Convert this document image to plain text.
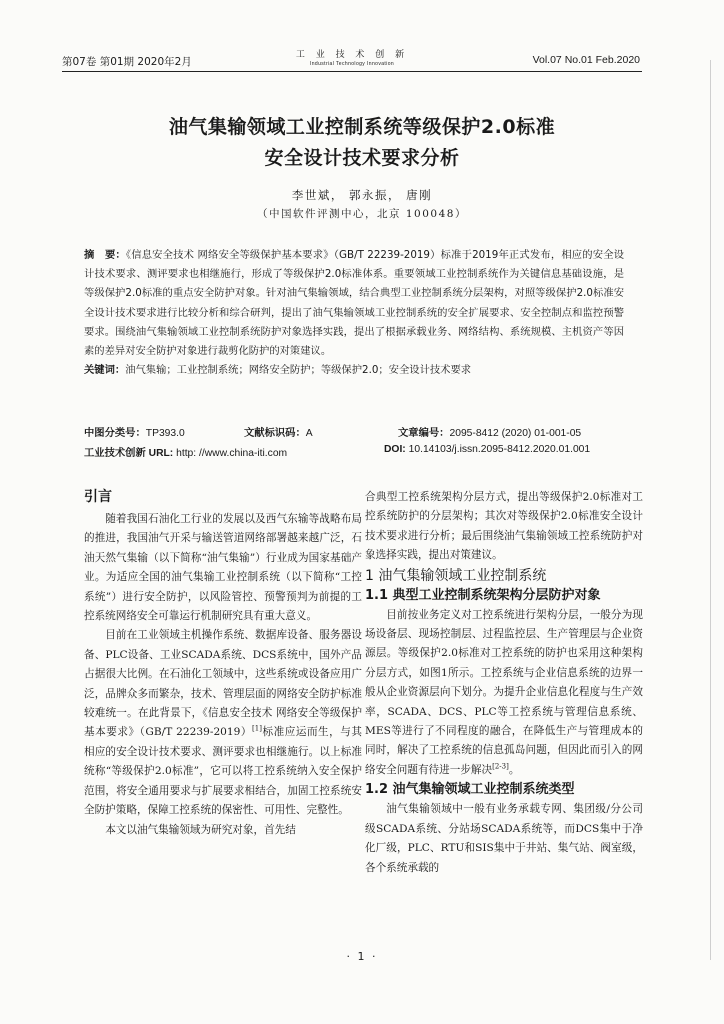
第07卷 第01期 2020年2月
工 业 技 术 创 新
Industrial Technology Innovation	Vol.07 No.01 Feb.2020
油气集输领域工业控制系统等级保护2.0标准
安全设计技术要求分析
李世斌， 郭永振， 唐刚
（中国软件评测中心，北京 100048）

摘　要：《信息安全技术 网络安全等级保护基本要求》（GB/T 22239-2019）标准于2019年正式发布，相应的安全设计技术要求、测评要求也相继施行，形成了等级保护2.0标准体系。重要领域工业控制系统作为关键信息基础设施，是等级保护2.0标准的重点安全防护对象。针对油气集输领域，结合典型工业控制系统分层架构，对照等级保护2.0标准安全设计技术要求进行比较分析和综合研判，提出了油气集输领域工业控制系统的安全扩展要求、安全控制点和监控预警要求。围绕油气集输领域工业控制系统防护对象选择实践，提出了根据承载业务、网络结构、系统规模、主机资产等因素的差异对安全防护对象进行裁剪化防护的对策建议。

关键词：油气集输；工业控制系统；网络安全防护；等级保护2.0；安全设计技术要求

中图分类号：TP393.0	文献标识码：A	文章编号：2095-8412 (2020) 01-001-05
工业技术创新 URL: http: //www.china-iti.com	DOI: 10.14103/j.issn.2095-8412.2020.01.001
引言

随着我国石油化工行业的发展以及西气东输等战略布局的推进，我国油气开采与输送管道网络部署越来越广泛，石油天然气集输（以下简称“油气集输”）行业成为国家基础产业。为适应全国的油气集输工业控制系统（以下简称“工控系统”）进行安全防护，以风险管控、预警预判为前提的工控系统网络安全可靠运行机制研究具有重大意义。

目前在工业领域主机操作系统、数据库设备、服务器设备、PLC设备、工业SCADA系统、DCS系统中，国外产品占据很大比例。在石油化工领域中，这些系统或设备应用广泛，品牌众多而繁杂，技术、管理层面的网络安全防护标准较难统一。在此背景下，《信息安全技术 网络安全等级保护基本要求》（GB/T 22239-2019）[1]标准应运而生，与其相应的安全设计技术要求、测评要求也相继施行。以上标准统称“等级保护2.0标准”，它可以将工控系统纳入安全保护范围，将安全通用要求与扩展要求相结合，加固工控系统安全防护策略，保障工控系统的保密性、可用性、完整性。

本文以油气集输领域为研究对象，首先结

合典型工控系统架构分层方式，提出等级保护2.0标准对工控系统防护的分层架构；其次对等级保护2.0标准安全设计技术要求进行分析；最后围绕油气集输领域工控系统防护对象选择实践，提出对策建议。

1 油气集输领域工业控制系统
1.1 典型工业控制系统架构分层防护对象

目前按业务定义对工控系统进行架构分层，一般分为现场设备层、现场控制层、过程监控层、生产管理层与企业资源层。等级保护2.0标准对工控系统的防护也采用这种架构分层方式，如图1所示。工控系统与企业信息系统的边界一般从企业资源层向下划分。为提升企业信息化程度与生产效率，SCADA、DCS、PLC等工控系统与管理信息系统、MES等进行了不同程度的融合，在降低生产与管理成本的同时，解决了工控系统的信息孤岛问题，但因此而引入的网络安全问题有待进一步解决[2-3]。

1.2 油气集输领域工业控制系统类型

油气集输领域中一般有业务承载专网、集团级/分公司级SCADA系统、分站场SCADA系统等，而DCS集中于净化厂级，PLC、RTU和SIS集中于井站、集气站、阀室级，各个系统承载的

· 1 ·
